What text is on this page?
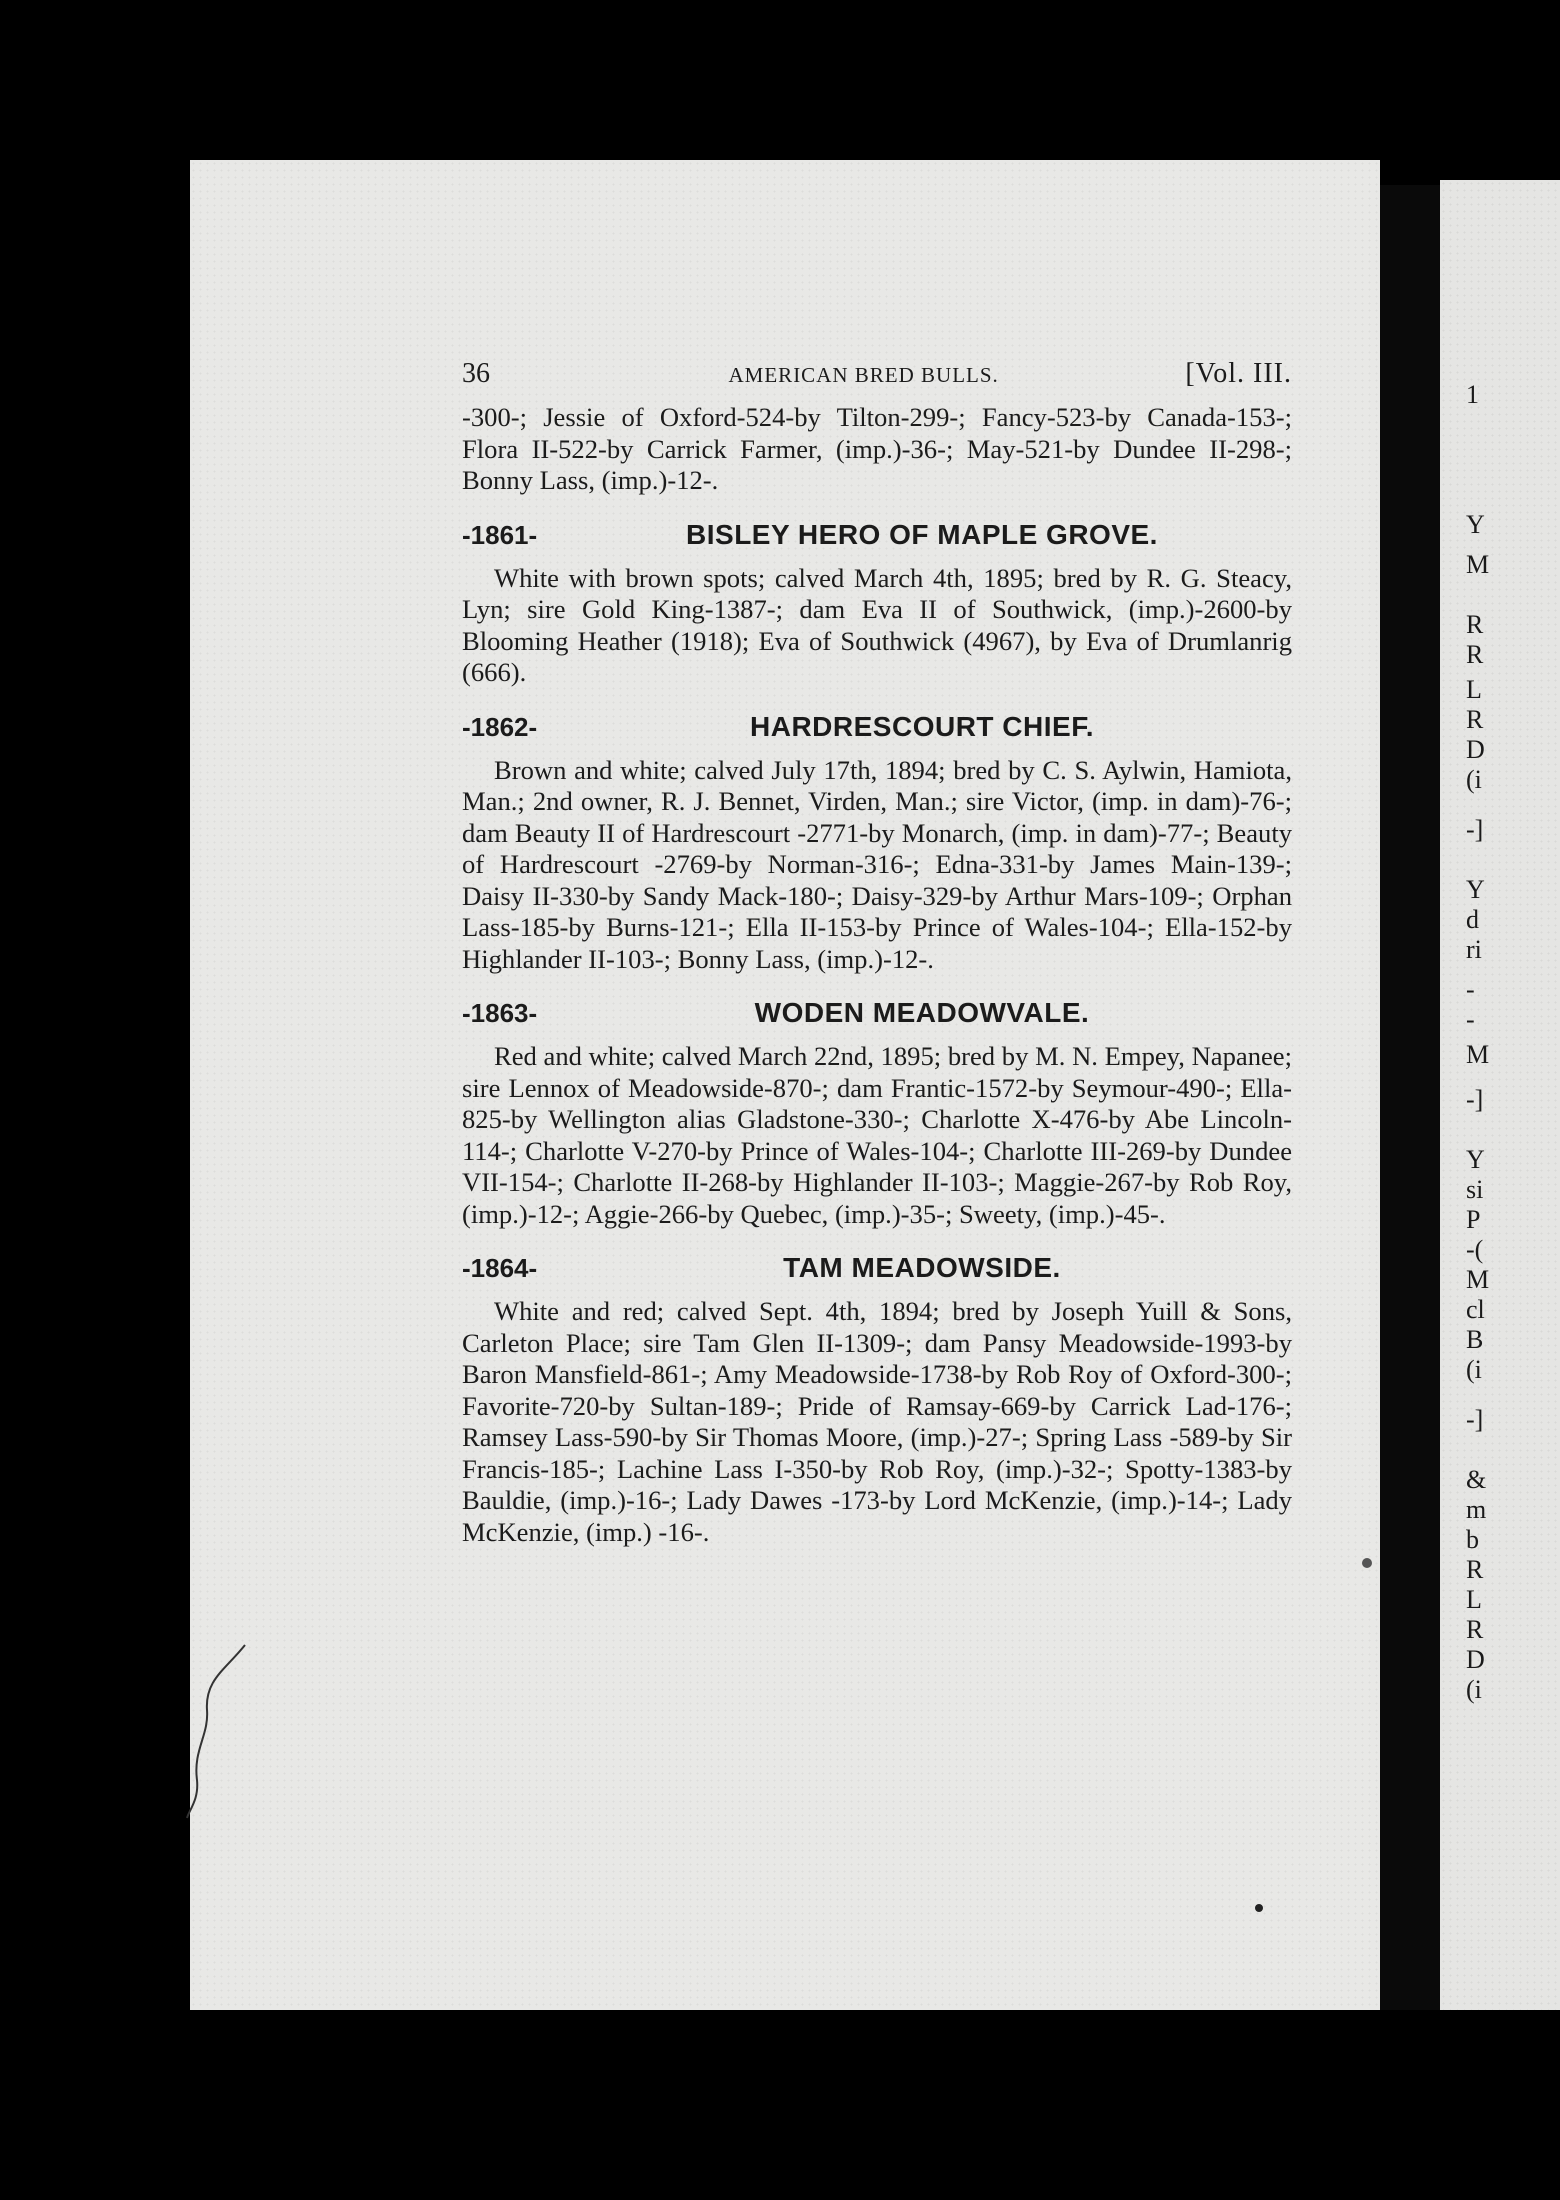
1
Y
M
R
R
L
R
D
(i
-]
Y
d
ri
-
-
M
-]
Y
si
P
-(
M
cl
B
(i
-]
&
m
b
R
L
R
D
(i
36	AMERICAN BRED BULLS.	[Vol. III.

-300-; Jessie of Oxford-524-by Tilton-299-; Fancy-523-by Canada-153-; Flora II-522-by Carrick Farmer, (imp.)-36-; May-521-by Dundee II-298-; Bonny Lass, (imp.)-12-.

-1861-	BISLEY HERO OF MAPLE GROVE.

White with brown spots; calved March 4th, 1895; bred by R. G. Steacy, Lyn; sire Gold King-1387-; dam Eva II of Southwick, (imp.)-2600-by Blooming Heather (1918); Eva of Southwick (4967), by Eva of Drumlanrig (666).

-1862-	HARDRESCOURT CHIEF.

Brown and white; calved July 17th, 1894; bred by C. S. Aylwin, Hamiota, Man.; 2nd owner, R. J. Bennet, Virden, Man.; sire Victor, (imp. in dam)-76-; dam Beauty II of Hardrescourt -2771-by Monarch, (imp. in dam)-77-; Beauty of Hardrescourt -2769-by Norman-316-; Edna-331-by James Main-139-; Daisy II-330-by Sandy Mack-180-; Daisy-329-by Arthur Mars-109-; Orphan Lass-185-by Burns-121-; Ella II-153-by Prince of Wales-104-; Ella-152-by Highlander II-103-; Bonny Lass, (imp.)-12-.

-1863-	WODEN MEADOWVALE.

Red and white; calved March 22nd, 1895; bred by M. N. Empey, Napanee; sire Lennox of Meadowside-870-; dam Frantic-1572-by Seymour-490-; Ella-825-by Wellington alias Gladstone-330-; Charlotte X-476-by Abe Lincoln-114-; Charlotte V-270-by Prince of Wales-104-; Charlotte III-269-by Dundee VII-154-; Charlotte II-268-by Highlander II-103-; Maggie-267-by Rob Roy, (imp.)-12-; Aggie-266-by Quebec, (imp.)-35-; Sweety, (imp.)-45-.

-1864-	TAM MEADOWSIDE.

White and red; calved Sept. 4th, 1894; bred by Joseph Yuill & Sons, Carleton Place; sire Tam Glen II-1309-; dam Pansy Meadowside-1993-by Baron Mansfield-861-; Amy Meadowside-1738-by Rob Roy of Oxford-300-; Favorite-720-by Sultan-189-; Pride of Ramsay-669-by Carrick Lad-176-; Ramsey Lass-590-by Sir Thomas Moore, (imp.)-27-; Spring Lass -589-by Sir Francis-185-; Lachine Lass I-350-by Rob Roy, (imp.)-32-; Spotty-1383-by Bauldie, (imp.)-16-; Lady Dawes -173-by Lord McKenzie, (imp.)-14-; Lady McKenzie, (imp.) -16-.
